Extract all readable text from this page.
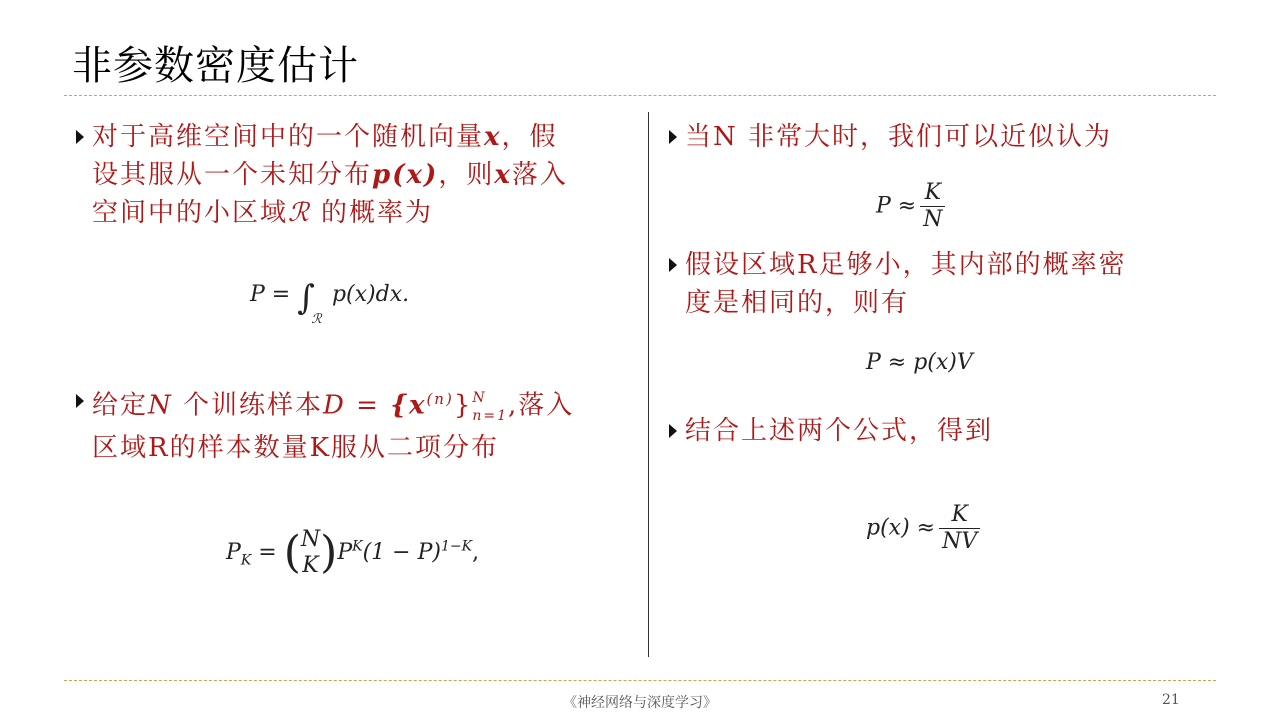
非参数密度估计
对于高维空间中的一个随机向量x，假
设其服从一个未知分布p(x)，则x落入
空间中的小区域ℛ 的概率为
P = ∫
ℛ
p(x)dx.
给定N 个训练样本$D = \{x^{(n)}\}$ N
n=1 ,落入
区域R的样本数量K服从二项分布
$P_K$ = ( N
K )$P^K(1 - P)^{1-K}$,
当N 非常大时，我们可以近似认为
$P \approx \frac{K}{N}$
假设区域R足够小，其内部的概率密
度是相同的，则有
P ≈ p(x)V
结合上述两个公式，得到
$p(x) \approx \frac{K}{NV}$
《神经网络与深度学习》	21
